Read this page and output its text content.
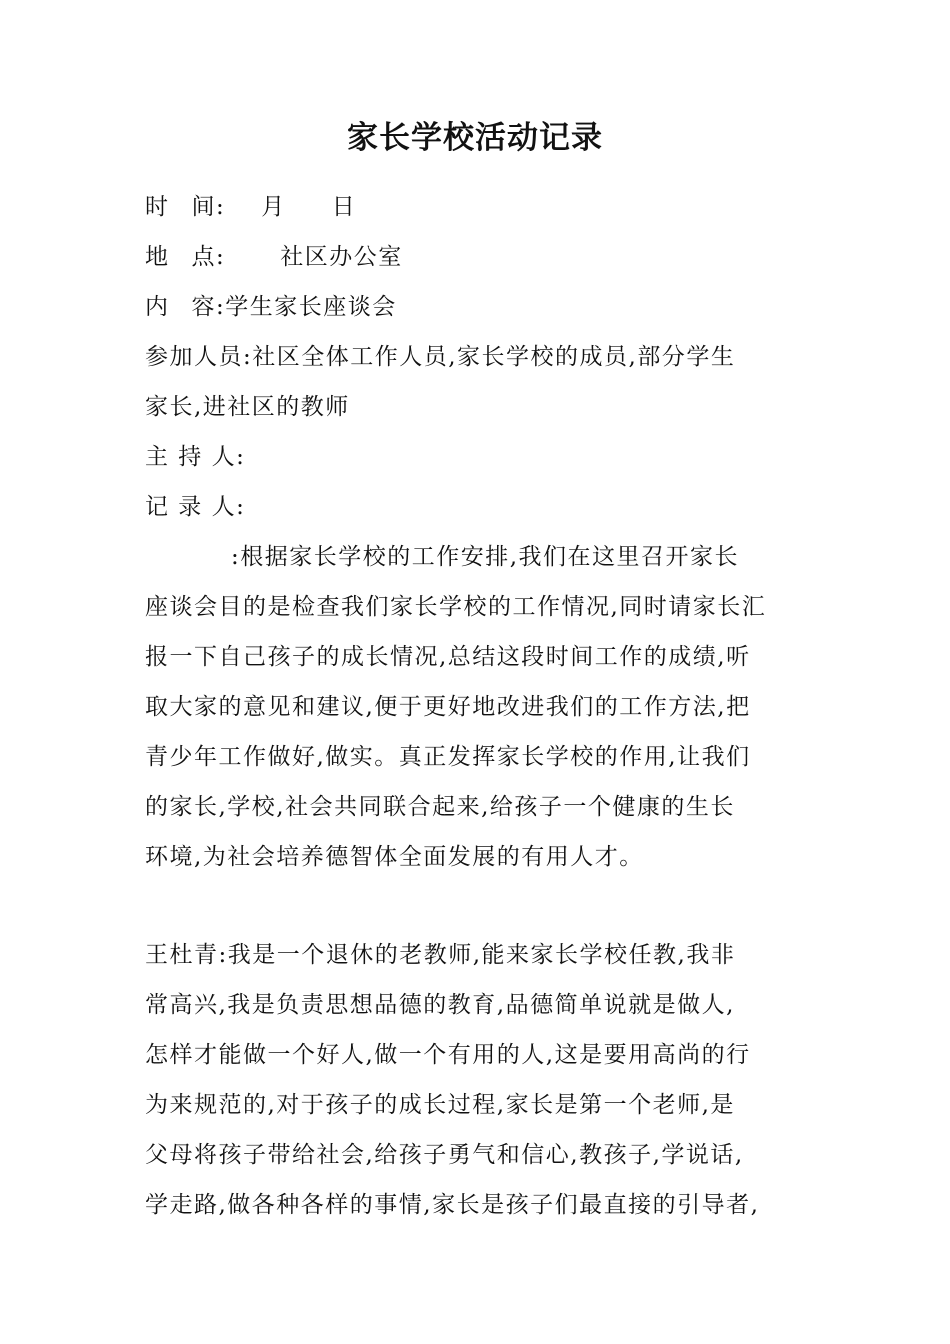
家长学校活动记录
时 间: 月 日
地 点: 社区办公室
内 容:学生家长座谈会
参加人员:社区全体工作人员,家长学校的成员,部分学生
家长,进社区的教师
主 持 人:
记 录 人:
:根据家长学校的工作安排,我们在这里召开家长
座谈会目的是检查我们家长学校的工作情况,同时请家长汇
报一下自己孩子的成长情况,总结这段时间工作的成绩,听
取大家的意见和建议,便于更好地改进我们的工作方法,把
青少年工作做好,做实。真正发挥家长学校的作用,让我们
的家长,学校,社会共同联合起来,给孩子一个健康的生长
环境,为社会培养德智体全面发展的有用人才。
王杜青:我是一个退休的老教师,能来家长学校任教,我非
常高兴,我是负责思想品德的教育,品德简单说就是做人,
怎样才能做一个好人,做一个有用的人,这是要用高尚的行
为来规范的,对于孩子的成长过程,家长是第一个老师,是
父母将孩子带给社会,给孩子勇气和信心,教孩子,学说话,
学走路,做各种各样的事情,家长是孩子们最直接的引导者,
